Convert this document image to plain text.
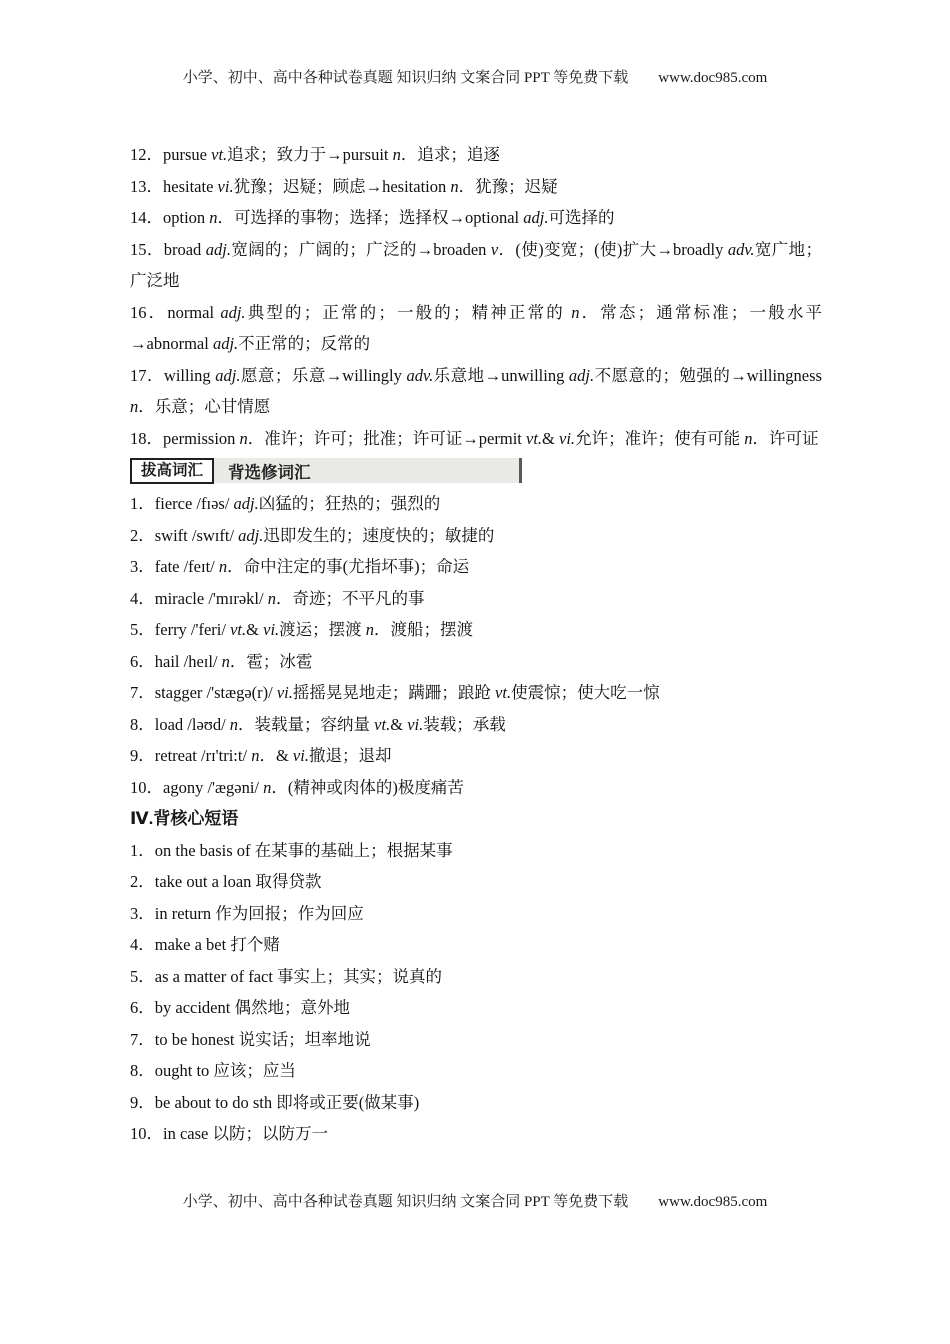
小学、初中、高中各种试卷真题 知识归纳 文案合同 PPT 等免费下载 www.doc985.com

12．pursue vt.追求；致力于→pursuit n．追求；追逐

13．hesitate vi.犹豫；迟疑；顾虑→hesitation n．犹豫；迟疑

14．option n．可选择的事物；选择；选择权→optional adj.可选择的

15．broad adj.宽阔的；广阔的；广泛的→broaden v．(使)变宽；(使)扩大→broadly adv.宽广地；广泛地

16．normal adj.典型的；正常的；一般的；精神正常的 n．常态；通常标准；一般水平→abnormal adj.不正常的；反常的

17．willing adj.愿意；乐意→willingly adv.乐意地→unwilling adj.不愿意的；勉强的→willingness n．乐意；心甘情愿

18．permission n．准许；许可；批准；许可证→permit vt.& vi.允许；准许；使有可能 n．许可证

拔高词汇	背选修词汇

1．fierce /fɪəs/ adj.凶猛的；狂热的；强烈的

2．swift /swɪft/ adj.迅即发生的；速度快的；敏捷的

3．fate /feɪt/ n．命中注定的事(尤指坏事)；命运

4．miracle /'mɪrəkl/ n．奇迹；不平凡的事

5．ferry /'feri/ vt.& vi.渡运；摆渡 n．渡船；摆渡

6．hail /heɪl/ n．雹；冰雹

7．stagger /'stægə(r)/ vi.摇摇晃晃地走；蹒跚；踉跄 vt.使震惊；使大吃一惊

8．load /ləʊd/ n．装载量；容纳量 vt.& vi.装载；承载

9．retreat /rɪ'tri:t/ n．& vi.撤退；退却

10．agony /'ægəni/ n．(精神或肉体的)极度痛苦

Ⅳ.背核心短语

1．on the basis of 在某事的基础上；根据某事

2．take out a loan 取得贷款

3．in return 作为回报；作为回应

4．make a bet 打个赌

5．as a matter of fact 事实上；其实；说真的

6．by accident 偶然地；意外地

7．to be honest 说实话；坦率地说

8．ought to 应该；应当

9．be about to do sth 即将或正要(做某事)

10．in case 以防；以防万一

小学、初中、高中各种试卷真题 知识归纳 文案合同 PPT 等免费下载 www.doc985.com
